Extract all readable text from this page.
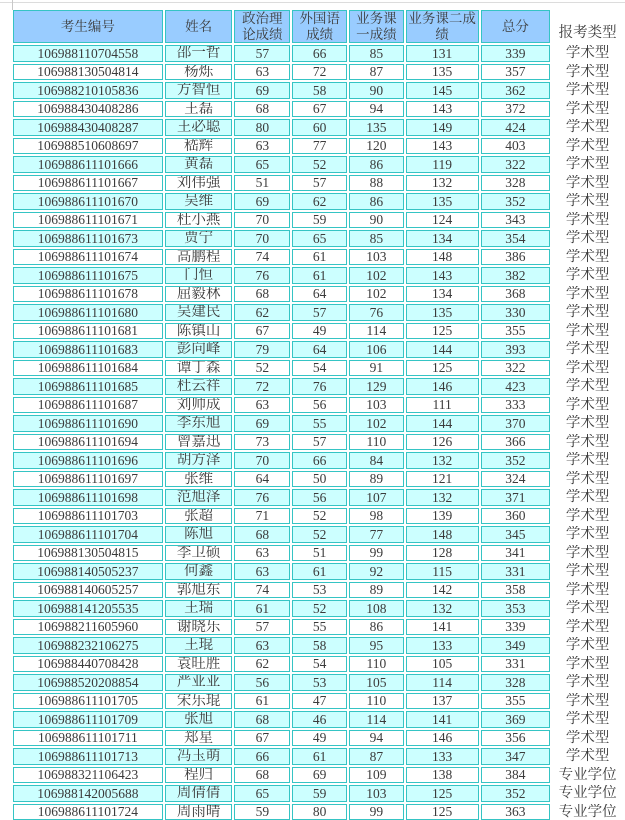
考生编号	姓名	政治理论成绩	外国语成绩	业务课一成绩	业务课二成绩	总分	报考类型
106988110704558	邵一哲	57	66	85	131	339	学术型
106988130504814	杨烁	63	72	87	135	357	学术型
106988210105836	方智恒	69	58	90	145	362	学术型
106988430408286	王磊	68	67	94	143	372	学术型
106988430408287	王必聪	80	60	135	149	424	学术型
106988510608697	嵇辉	63	77	120	143	403	学术型
106988611101666	黄磊	65	52	86	119	322	学术型
106988611101667	刘伟强	51	57	88	132	328	学术型
106988611101670	吴维	69	62	86	135	352	学术型
106988611101671	杜小燕	70	59	90	124	343	学术型
106988611101673	贾宁	70	65	85	134	354	学术型
106988611101674	高鹏程	74	61	103	148	386	学术型
106988611101675	门恒	76	61	102	143	382	学术型
106988611101678	屈毅林	68	64	102	134	368	学术型
106988611101680	吴建民	62	57	76	135	330	学术型
106988611101681	陈镇山	67	49	114	125	355	学术型
106988611101683	彭向峰	79	64	106	144	393	学术型
106988611101684	谭丁森	52	54	91	125	322	学术型
106988611101685	杜云祥	72	76	129	146	423	学术型
106988611101687	刘帅成	63	56	103	111	333	学术型
106988611101690	李东旭	69	55	102	144	370	学术型
106988611101694	曾嘉迅	73	57	110	126	366	学术型
106988611101696	胡方泽	70	66	84	132	352	学术型
106988611101697	张维	64	50	89	121	324	学术型
106988611101698	范旭泽	76	56	107	132	371	学术型
106988611101703	张超	71	52	98	139	360	学术型
106988611101704	陈旭	68	52	77	148	345	学术型
106988130504815	李卫硕	63	51	99	128	341	学术型
106988140505237	何鑫	63	61	92	115	331	学术型
106988140605257	郭旭东	74	53	89	142	358	学术型
106988141205535	王瑞	61	52	108	132	353	学术型
106988211605960	谢晓乐	57	55	86	141	339	学术型
106988232106275	王琨	63	58	95	133	349	学术型
106988440708428	袁旺胜	62	54	110	105	331	学术型
106988520208854	严亚亚	56	53	105	114	328	学术型
106988611101705	宋乐琨	61	47	110	137	355	学术型
106988611101709	张旭	68	46	114	141	369	学术型
106988611101711	郑星	67	49	94	146	356	学术型
106988611101713	冯玉萌	66	61	87	133	347	学术型
106988321106423	程归	68	69	109	138	384	专业学位
106988142005688	周倩倩	65	59	103	125	352	专业学位
106988611101724	周雨晴	59	80	99	125	363	专业学位
